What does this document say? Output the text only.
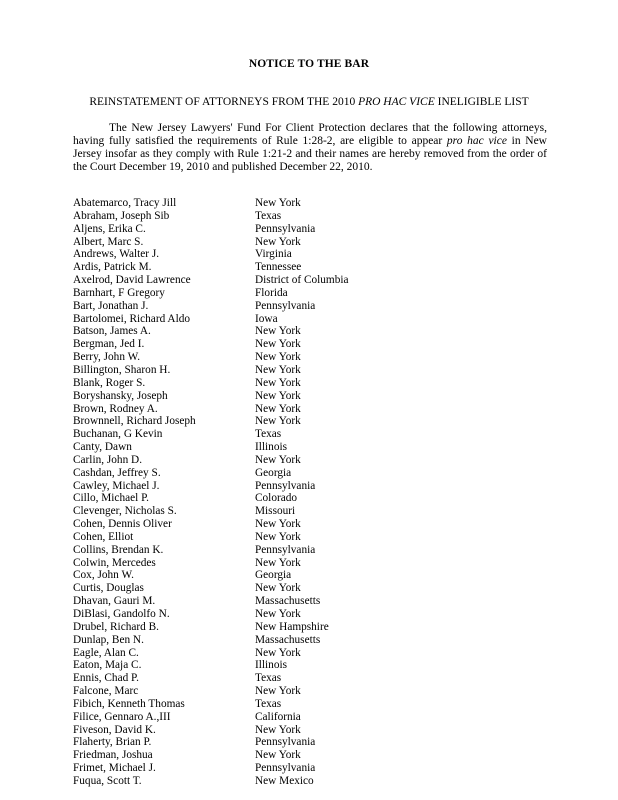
NOTICE TO THE BAR
REINSTATEMENT OF ATTORNEYS FROM THE 2010 PRO HAC VICE INELIGIBLE LIST
The New Jersey Lawyers' Fund For Client Protection declares that the following attorneys, having fully satisfied the requirements of Rule 1:28-2, are eligible to appear pro hac vice in New Jersey insofar as they comply with Rule 1:21-2 and their names are hereby removed from the order of the Court December 19, 2010 and published December 22, 2010.
Abatemarco, Tracy Jill	New York
Abraham, Joseph Sib	Texas
Aljens, Erika C.	Pennsylvania
Albert, Marc S.	New York
Andrews, Walter J.	Virginia
Ardis, Patrick M.	Tennessee
Axelrod, David Lawrence	District of Columbia
Barnhart, F Gregory	Florida
Bart, Jonathan J.	Pennsylvania
Bartolomei, Richard Aldo	Iowa
Batson, James A.	New York
Bergman, Jed I.	New York
Berry, John W.	New York
Billington, Sharon H.	New York
Blank, Roger S.	New York
Boryshansky, Joseph	New York
Brown, Rodney A.	New York
Brownnell, Richard Joseph	New York
Buchanan, G Kevin	Texas
Canty, Dawn	Illinois
Carlin, John D.	New York
Cashdan, Jeffrey S.	Georgia
Cawley, Michael J.	Pennsylvania
Cillo, Michael P.	Colorado
Clevenger, Nicholas S.	Missouri
Cohen, Dennis Oliver	New York
Cohen, Elliot	New York
Collins, Brendan K.	Pennsylvania
Colwin, Mercedes	New York
Cox, John W.	Georgia
Curtis, Douglas	New York
Dhavan, Gauri M.	Massachusetts
DiBlasi, Gandolfo N.	New York
Drubel, Richard B.	New Hampshire
Dunlap, Ben N.	Massachusetts
Eagle, Alan C.	New York
Eaton, Maja C.	Illinois
Ennis, Chad P.	Texas
Falcone, Marc	New York
Fibich, Kenneth Thomas	Texas
Filice, Gennaro A.,III	California
Fiveson, David K.	New York
Flaherty, Brian P.	Pennsylvania
Friedman, Joshua	New York
Frimet, Michael J.	Pennsylvania
Fuqua, Scott T.	New Mexico
